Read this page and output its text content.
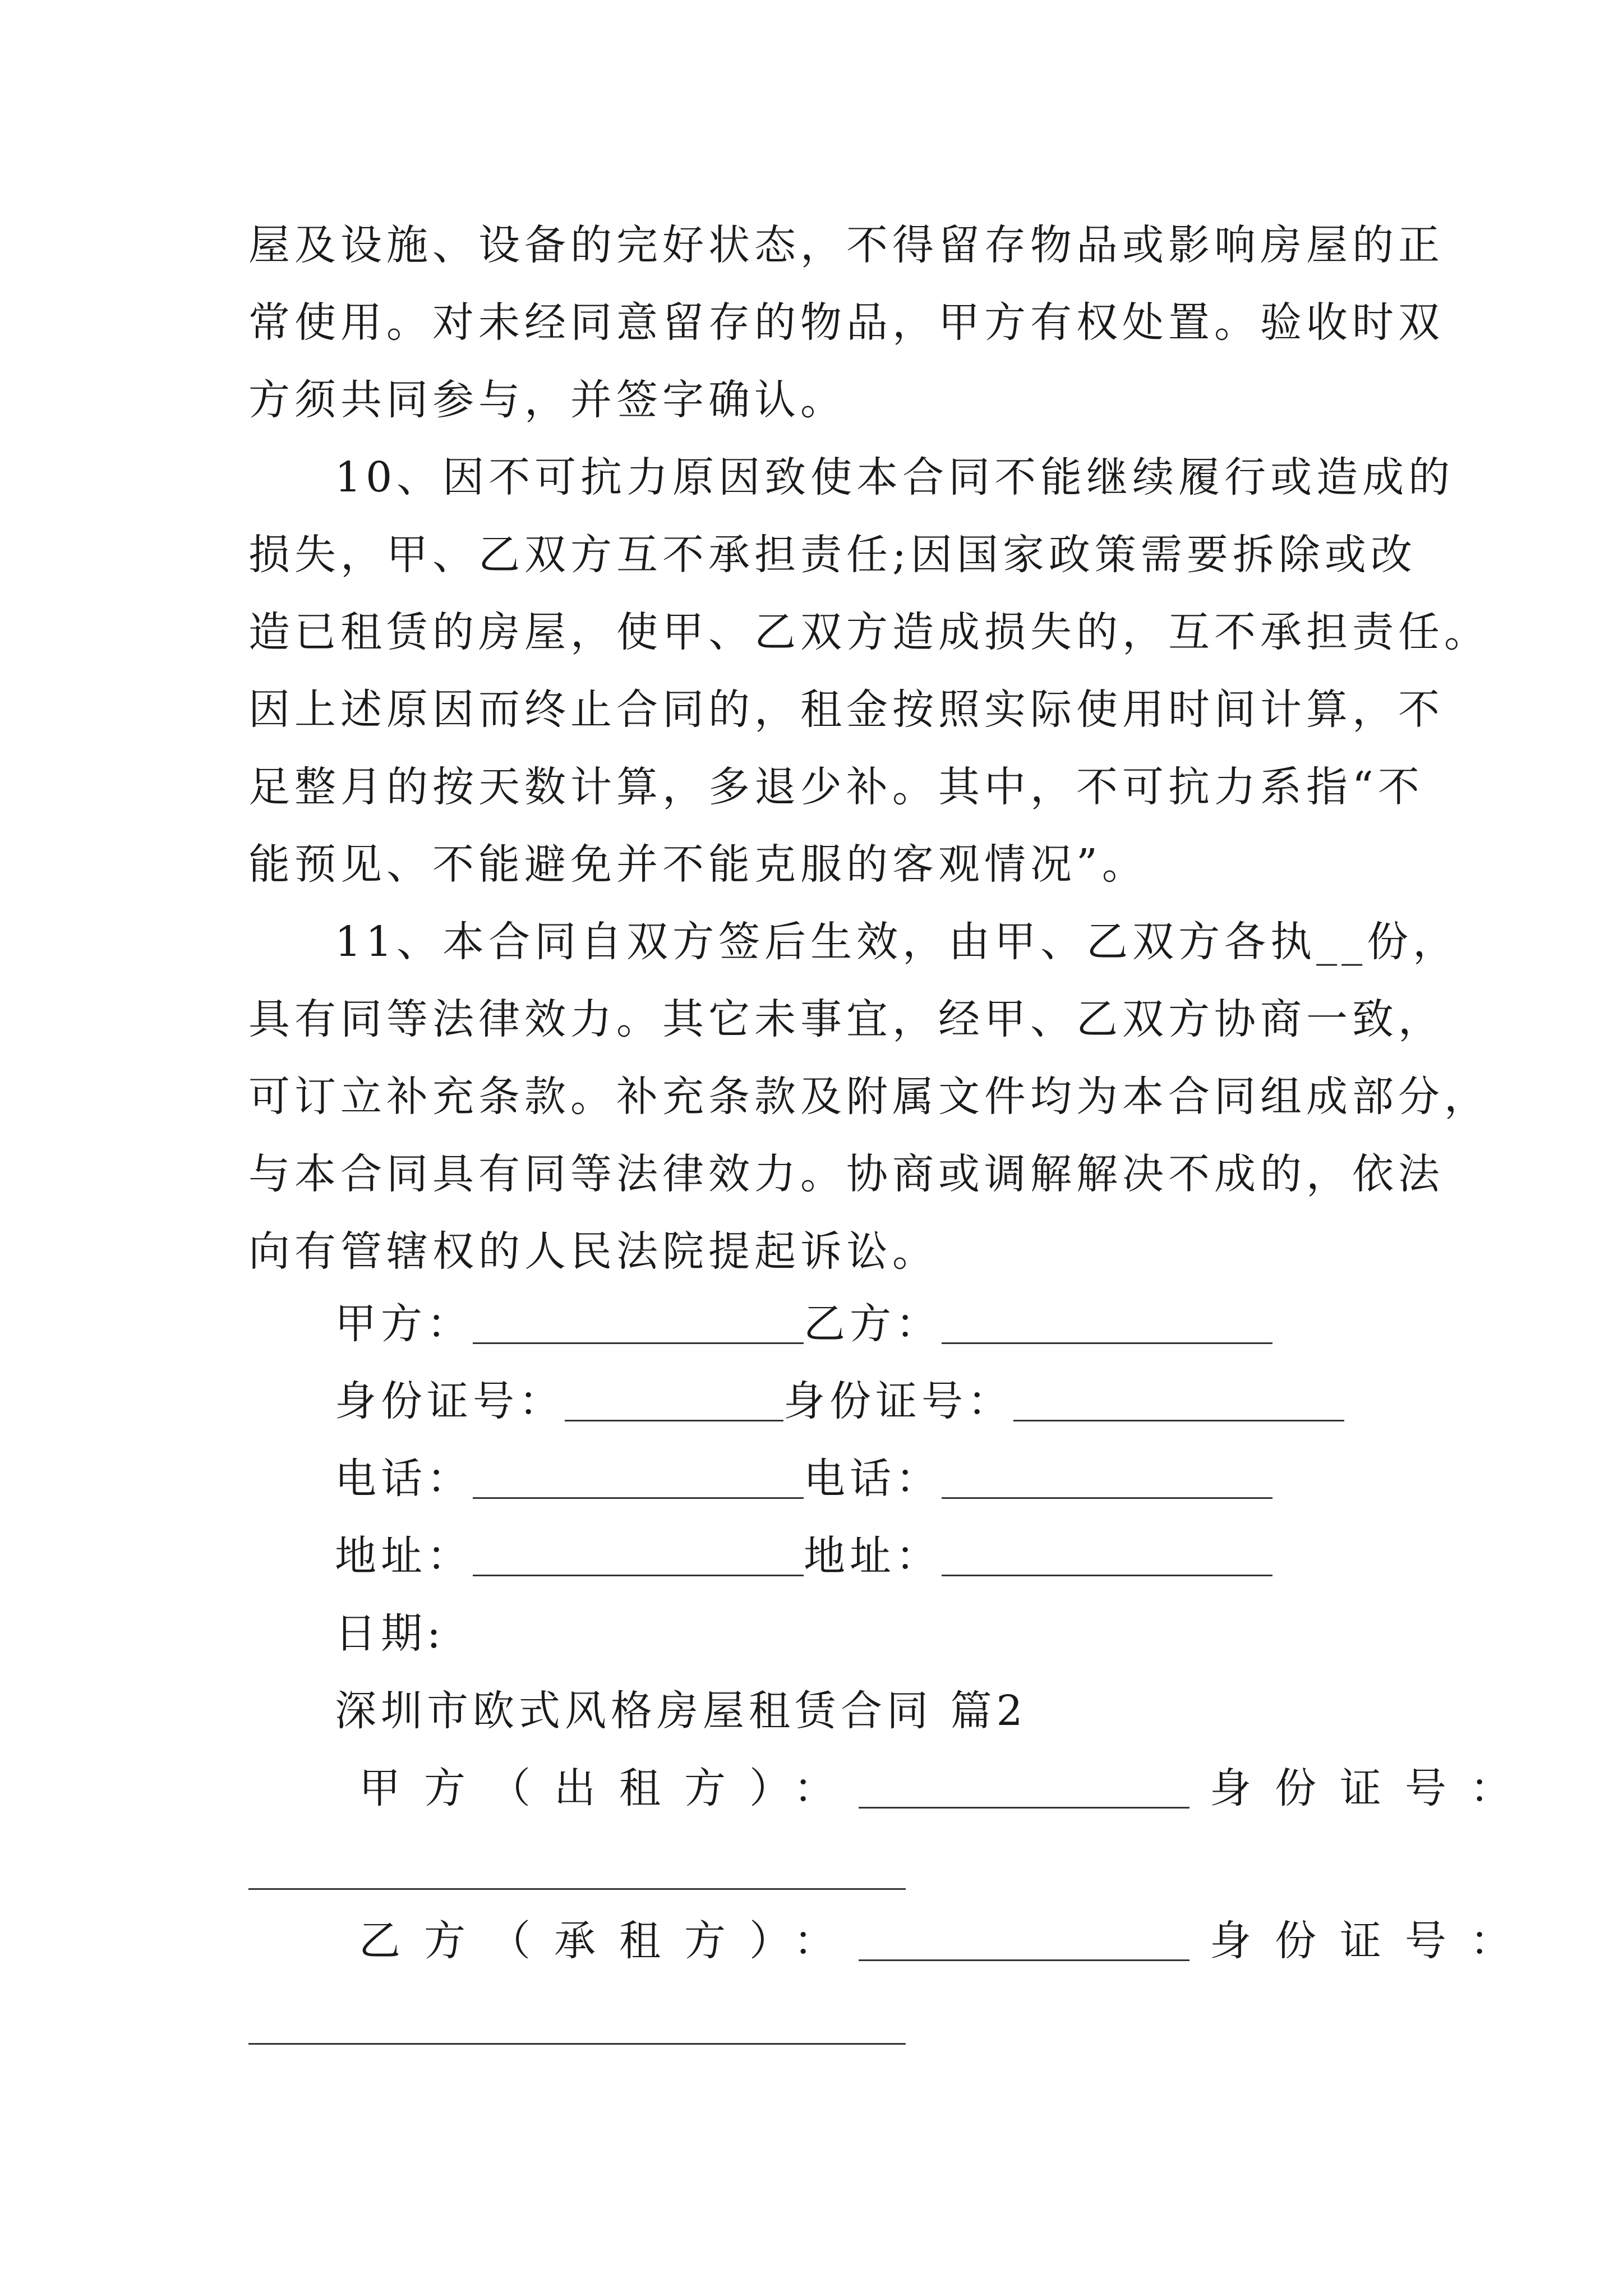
屋及设施、设备的完好状态，不得留存物品或影响房屋的正
常使用。对未经同意留存的物品，甲方有权处置。验收时双
方须共同参与，并签字确认。
10、因不可抗力原因致使本合同不能继续履行或造成的
损失，甲、乙双方互不承担责任;因国家政策需要拆除或改
造已租赁的房屋，使甲、乙双方造成损失的，互不承担责任。
因上述原因而终止合同的，租金按照实际使用时间计算，不
足整月的按天数计算，多退少补。其中，不可抗力系指“不
能预见、不能避免并不能克服的客观情况”。
11、本合同自双方签后生效，由甲、乙双方各执__份，
具有同等法律效力。其它未事宜，经甲、乙双方协商一致，
可订立补充条款。补充条款及附属文件均为本合同组成部分，
与本合同具有同等法律效力。协商或调解解决不成的，依法
向有管辖权的人民法院提起诉讼。
甲方：	乙方：
身份证号：	身份证号：
电话：	电话：
地址：	地址：
日期:
深圳市欧式风格房屋租赁合同 篇2
甲方（出租方）：	身份证号：
乙方（承租方）：	身份证号：
